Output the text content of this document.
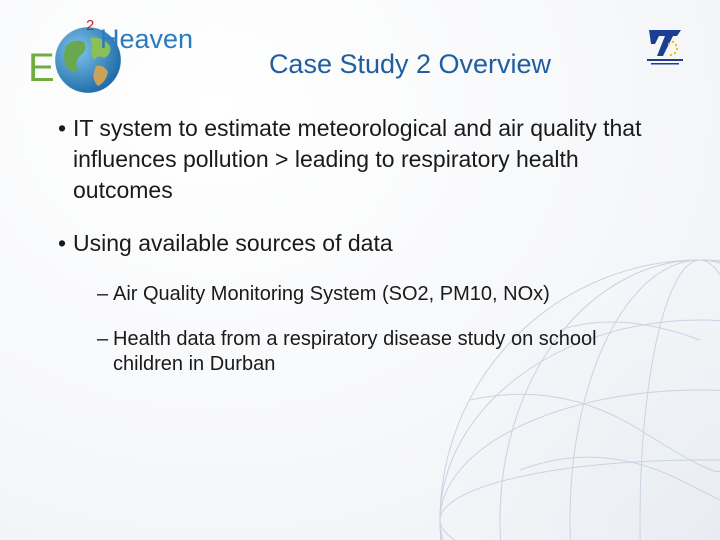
E
2 Heaven
Case Study 2 Overview
• IT system to estimate meteorological and air quality that influences pollution > leading to respiratory health outcomes
• Using available sources of data
– Air Quality Monitoring System (SO2, PM10, NOx)
– Health data from a respiratory disease study on school children in Durban
